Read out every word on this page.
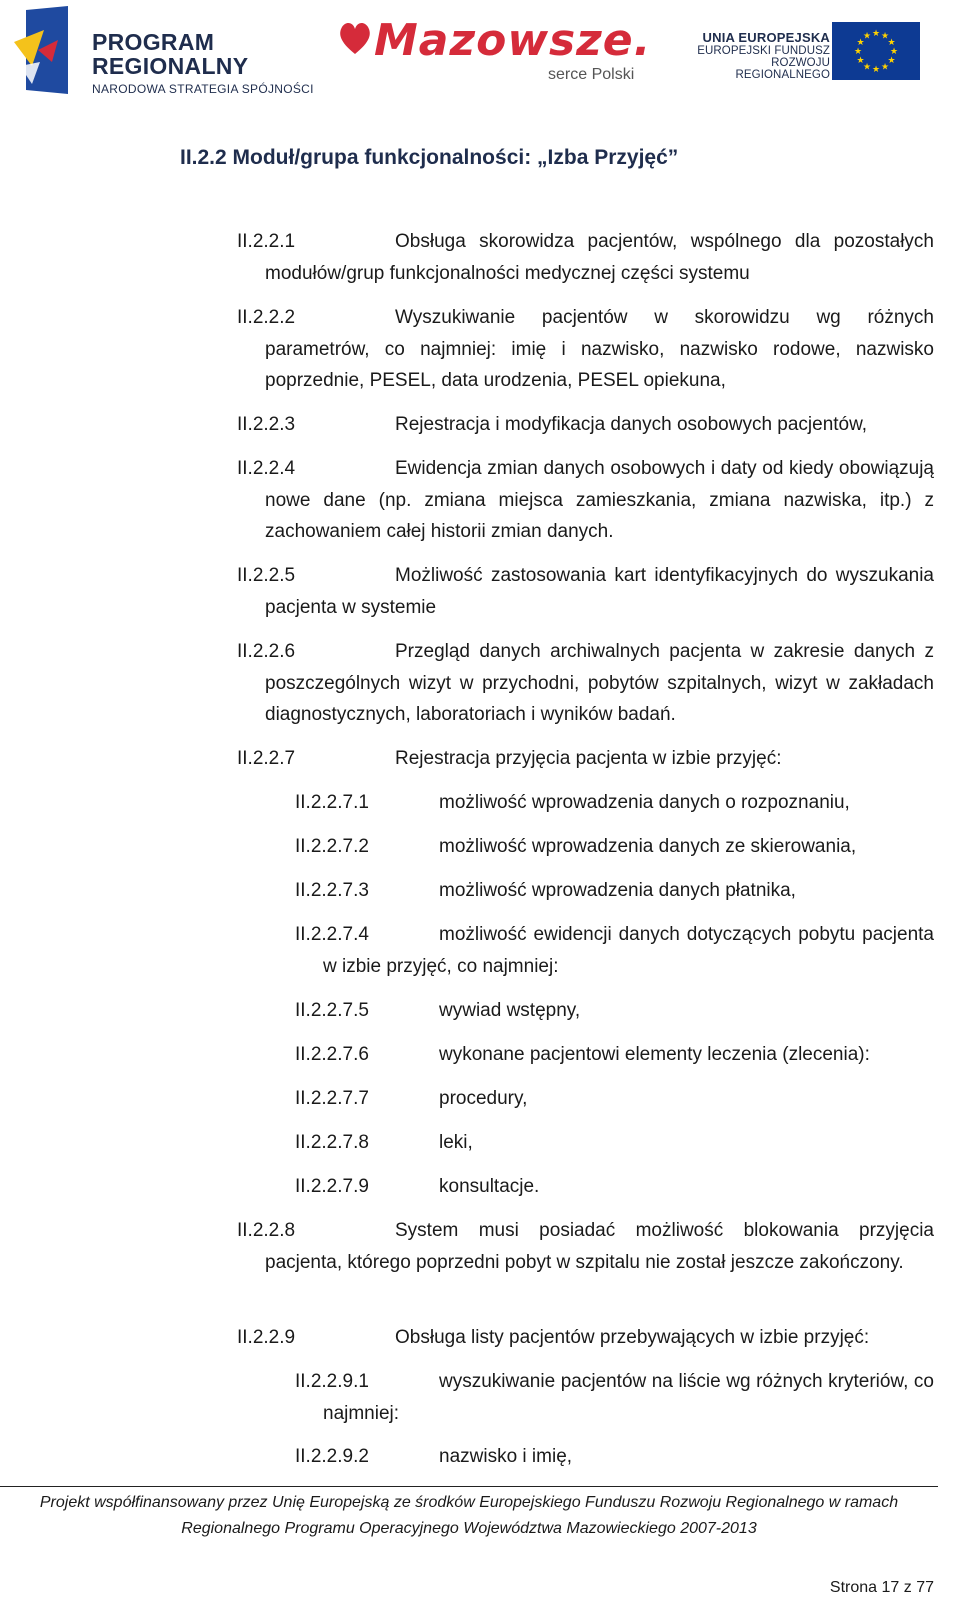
PROGRAM
REGIONALNY
NARODOWA STRATEGIA SPÓJNOŚCI
Mazowsze.
serce Polski
UNIA EUROPEJSKA
EUROPEJSKI FUNDUSZ
ROZWOJU REGIONALNEGO
★ ★
★
★
★
★
★
★
★
★
★
★
II.2.2 Moduł/grupa funkcjonalności: „Izba Przyjęć”
II.2.2.1	Obsługa skorowidza pacjentów, wspólnego dla pozostałych modułów/grup funkcjonalności medycznej części systemu
II.2.2.2	Wyszukiwanie pacjentów w skorowidzu wg różnych parametrów, co najmniej: imię i nazwisko, nazwisko rodowe, nazwisko poprzednie, PESEL, data urodzenia, PESEL opiekuna,
II.2.2.3	Rejestracja i modyfikacja danych osobowych pacjentów,
II.2.2.4	Ewidencja zmian danych osobowych i daty od kiedy obowiązują nowe dane (np. zmiana miejsca zamieszkania, zmiana nazwiska, itp.) z zachowaniem całej historii zmian danych.
II.2.2.5	Możliwość zastosowania kart identyfikacyjnych do wyszukania pacjenta w systemie
II.2.2.6	Przegląd danych archiwalnych pacjenta w zakresie danych z poszczególnych wizyt w przychodni, pobytów szpitalnych, wizyt w zakładach diagnostycznych, laboratoriach i wyników badań.
II.2.2.7	Rejestracja przyjęcia pacjenta w izbie przyjęć:
II.2.2.7.1	możliwość wprowadzenia danych o rozpoznaniu,
II.2.2.7.2	możliwość wprowadzenia danych ze skierowania,
II.2.2.7.3	możliwość wprowadzenia danych płatnika,
II.2.2.7.4	możliwość ewidencji danych dotyczących pobytu pacjenta w izbie przyjęć, co najmniej:
II.2.2.7.5	wywiad wstępny,
II.2.2.7.6	wykonane pacjentowi elementy leczenia (zlecenia):
II.2.2.7.7	procedury,
II.2.2.7.8	leki,
II.2.2.7.9	konsultacje.
II.2.2.8	System musi posiadać możliwość blokowania przyjęcia pacjenta, którego poprzedni pobyt w szpitalu nie został jeszcze zakończony.
II.2.2.9	Obsługa listy pacjentów przebywających w izbie przyjęć:
II.2.2.9.1	wyszukiwanie pacjentów na liście wg różnych kryteriów, co najmniej:
II.2.2.9.2	nazwisko i imię,
Projekt współfinansowany przez Unię Europejską ze środków Europejskiego Funduszu Rozwoju Regionalnego w ramach
Regionalnego Programu Operacyjnego Województwa Mazowieckiego 2007-2013
Strona 17 z 77
